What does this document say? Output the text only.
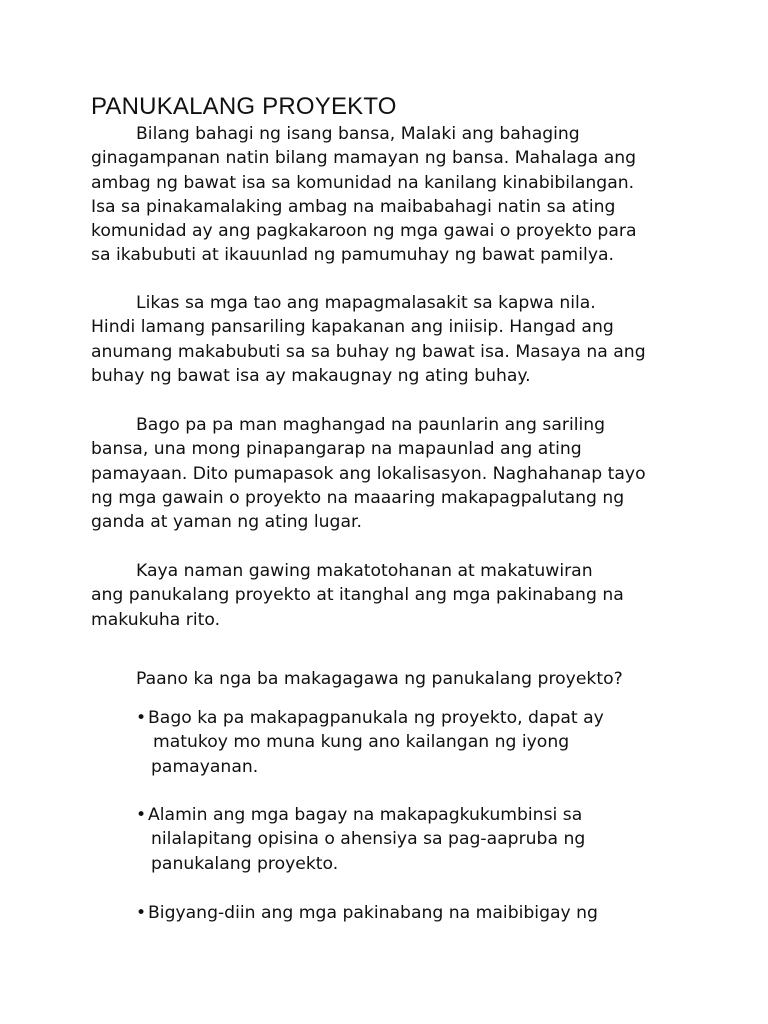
PANUKALANG PROYEKTO

Bilang bahagi ng isang bansa, Malaki ang bahaging
ginagampanan natin bilang mamayan ng bansa. Mahalaga ang
ambag ng bawat isa sa komunidad na kanilang kinabibilangan.
Isa sa pinakamalaking ambag na maibabahagi natin sa ating
komunidad ay ang pagkakaroon ng mga gawai o proyekto para
sa ikabubuti at ikauunlad ng pamumuhay ng bawat pamilya.

Likas sa mga tao ang mapagmalasakit sa kapwa nila.
Hindi lamang pansariling kapakanan ang iniisip. Hangad ang
anumang makabubuti sa sa buhay ng bawat isa. Masaya na ang
buhay ng bawat isa ay makaugnay ng ating buhay.

Bago pa pa man maghangad na paunlarin ang sariling
bansa, una mong pinapangarap na mapaunlad ang ating
pamayaan. Dito pumapasok ang lokalisasyon. Naghahanap tayo
ng mga gawain o proyekto na maaaring makapagpalutang ng
ganda at yaman ng ating lugar.

Kaya naman gawing makatotohanan at makatuwiran
ang panukalang proyekto at itanghal ang mga pakinabang na
makukuha rito.

Paano ka nga ba makagagawa ng panukalang proyekto?

• Bago ka pa makapagpanukala ng proyekto, dapat ay
matukoy mo muna kung ano kailangan ng iyong
pamayanan.
• Alamin ang mga bagay na makapagkukumbinsi sa
nilalapitang opisina o ahensiya sa pag-aapruba ng
panukalang proyekto.
• Bigyang-diin ang mga pakinabang na maibibigay ng
